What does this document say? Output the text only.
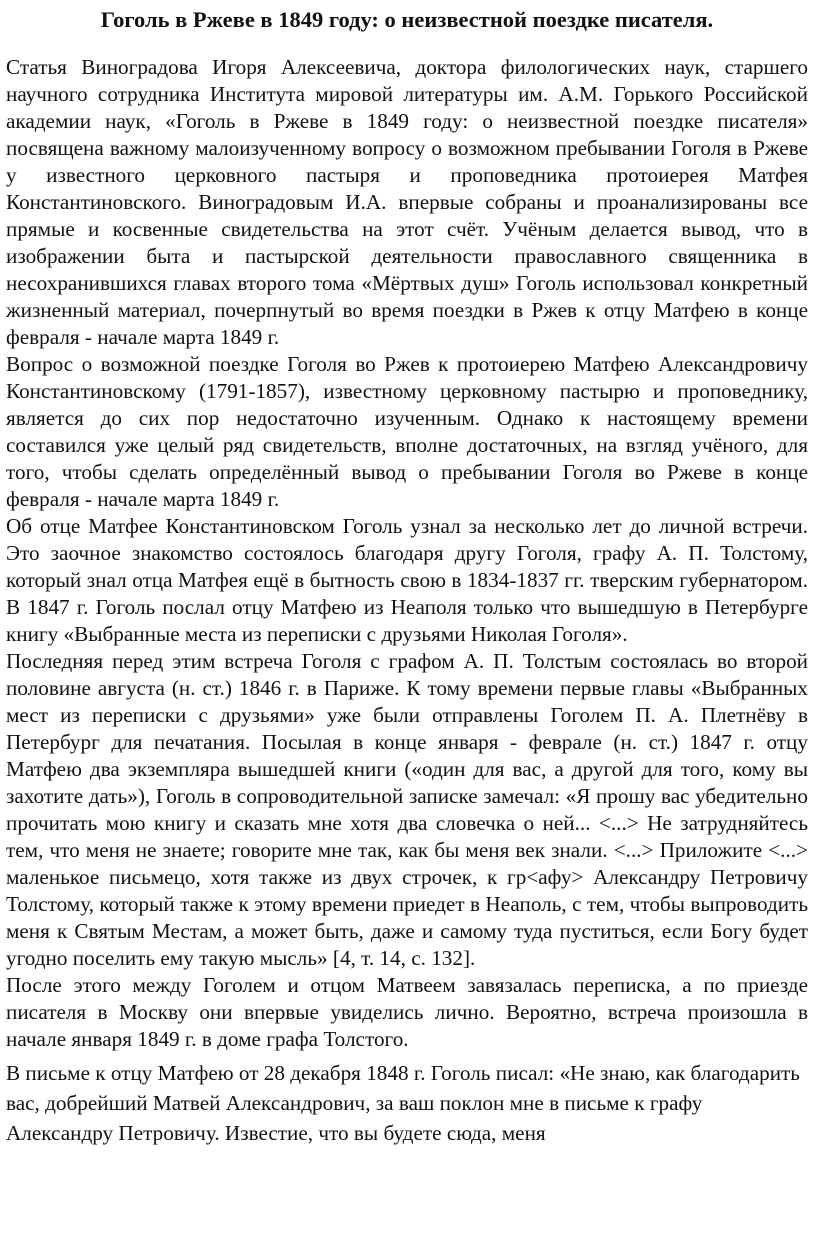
Гоголь в Ржеве в 1849 году: о неизвестной поездке писателя.

Статья Виноградова Игоря Алексеевича, доктора филологических наук, старшего научного сотрудника Института мировой литературы им. А.М. Горького Российской академии наук, «Гоголь в Ржеве в 1849 году: о неизвестной поездке писателя» посвящена важному малоизученному вопросу о возможном пребывании Гоголя в Ржеве у известного церковного пастыря и проповедника протоиерея Матфея Константиновского. Виноградовым И.А. впервые собраны и проанализированы все прямые и косвенные свидетельства на этот счёт. Учёным делается вывод, что в изображении быта и пастырской деятельности православного священника в несохранившихся главах второго тома «Мёртвых душ» Гоголь использовал конкретный жизненный материал, почерпнутый во время поездки в Ржев к отцу Матфею в конце февраля - начале марта 1849 г.

Вопрос о возможной поездке Гоголя во Ржев к протоиерею Матфею Александровичу Константиновскому (1791-1857), известному церковному пастырю и проповеднику, является до сих пор недостаточно изученным. Однако к настоящему времени составился уже целый ряд свидетельств, вполне достаточных, на взгляд учёного, для того, чтобы сделать определённый вывод о пребывании Гоголя во Ржеве в конце февраля - начале марта 1849 г.

Об отце Матфее Константиновском Гоголь узнал за несколько лет до личной встречи. Это заочное знакомство состоялось благодаря другу Гоголя, графу А. П. Толстому, который знал отца Матфея ещё в бытность свою в 1834-1837 гг. тверским губернатором. В 1847 г. Гоголь послал отцу Матфею из Неаполя только что вышедшую в Петербурге книгу «Выбранные места из переписки с друзьями Николая Гоголя».

Последняя перед этим встреча Гоголя с графом А. П. Толстым состоялась во второй половине августа (н. ст.) 1846 г. в Париже. К тому времени первые главы «Выбранных мест из переписки с друзьями» уже были отправлены Гоголем П. А. Плетнёву в Петербург для печатания. Посылая в конце января - феврале (н. ст.) 1847 г. отцу Матфею два экземпляра вышедшей книги («один для вас, а другой для того, кому вы захотите дать»), Гоголь в сопроводительной записке замечал: «Я прошу вас убедительно прочитать мою книгу и сказать мне хотя два словечка о ней... <...> Не затрудняйтесь тем, что меня не знаете; говорите мне так, как бы меня век знали. <...> Приложите <...> маленькое письмецо, хотя также из двух строчек, к гр<афу> Александру Петровичу Толстому, который также к этому времени приедет в Неаполь, с тем, чтобы выпроводить меня к Святым Местам, а может быть, даже и самому туда пуститься, если Богу будет угодно поселить ему такую мысль» [4, т. 14, с. 132].

После этого между Гоголем и отцом Матвеем завязалась переписка, а по приезде писателя в Москву они впервые увиделись лично. Вероятно, встреча произошла в начале января 1849 г. в доме графа Толстого.

В письме к отцу Матфею от 28 декабря 1848 г. Гоголь писал: «Не знаю, как благодарить вас, добрейший Матвей Александрович, за ваш поклон мне в письме к графу Александру Петровичу. Известие, что вы будете сюда, меня
